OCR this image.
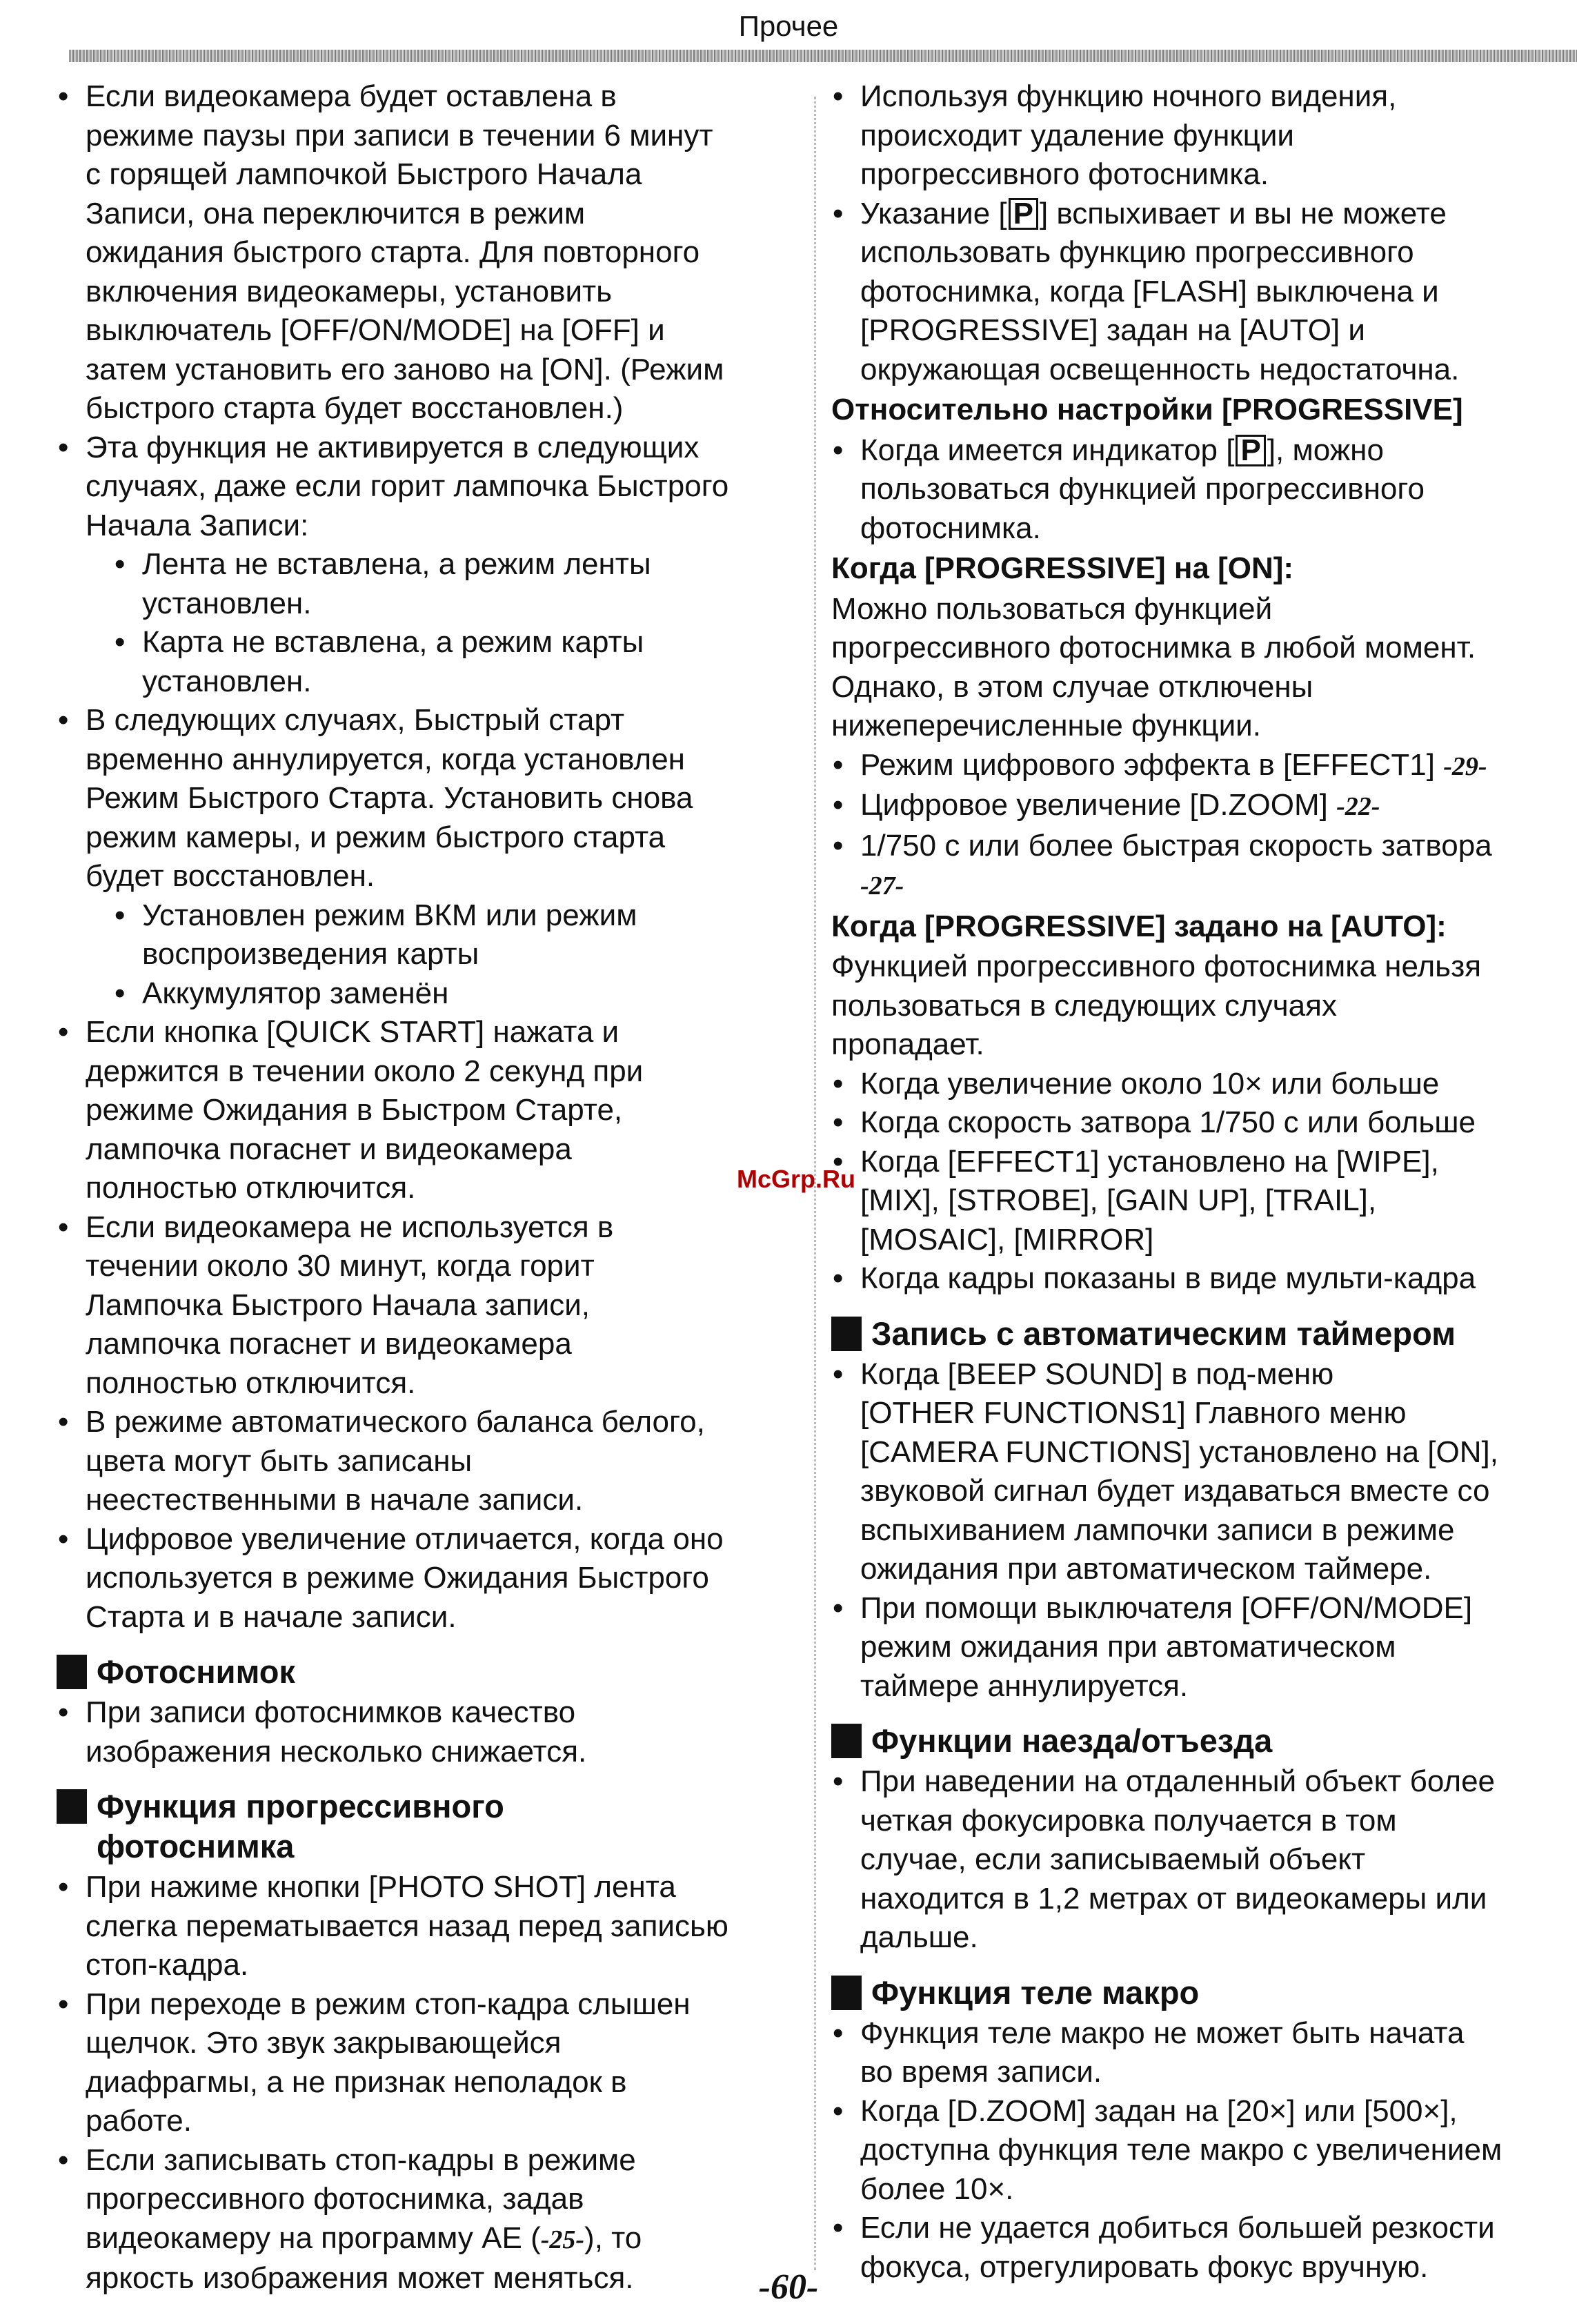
Прочее
• Если видеокамера будет оставлена в
режиме паузы при записи в течении 6 минут
с горящей лампочкой Быстрого Начала
Записи, она переключится в режим
ожидания быстрого старта. Для повторного
включения видеокамеры, установить
выключатель [OFF/ON/MODE] на [OFF] и
затем установить его заново на [ON]. (Режим
быстрого старта будет восстановлен.)
• Эта функция не активируется в следующих
случаях, даже если горит лампочка Быстрого
Начала Записи:
• Лента не вставлена, а режим ленты
установлен.
• Карта не вставлена, а режим карты
установлен.
• В следующих случаях, Быстрый старт
временно аннулируется, когда установлен
Режим Быстрого Старта. Установить снова
режим камеры, и режим быстрого старта
будет восстановлен.
• Установлен режим ВКМ или режим
воспроизведения карты
• Аккумулятор заменён
• Если кнопка [QUICK START] нажата и
держится в течении около 2 секунд при
режиме Ожидания в Быстром Старте,
лампочка погаснет и видеокамера
полностью отключится.
• Если видеокамера не используется в
течении около 30 минут, когда горит
Лампочка Быстрого Начала записи,
лампочка погаснет и видеокамера
полностью отключится.
• В режиме автоматического баланса белого,
цвета могут быть записаны
неестественными в начале записи.
• Цифровое увеличение отличается, когда оно
используется в режиме Ожидания Быстрого
Старта и в начале записи.
Фотоснимок
• При записи фотоснимков качество
изображения несколько снижается.
Функция прогрессивного
фотоснимка
• При нажиме кнопки [PHOTO SHOT] лента
слегка перематывается назад перед записью
стоп-кадра.
• При переходе в режим стоп-кадра слышен
щелчок. Это звук закрывающейся
диафрагмы, а не признак неполадок в
работе.
• Если записывать стоп-кадры в режиме
прогрессивного фотоснимка, задав
видеокамеру на программу AE (-25-), то
яркость изображения может меняться.
• Используя функцию ночного видения,
происходит удаление функции
прогрессивного фотоснимка.
• Указание [ P ] вспыхивает и вы не можете
использовать функцию прогрессивного
фотоснимка, когда [FLASH] выключена и
[PROGRESSIVE] задан на [AUTO] и
окружающая освещенность недостаточна.
Относительно настройки [PROGRESSIVE]
• Когда имеется индикатор [ P ], можно
пользоваться функцией прогрессивного
фотоснимка.
Когда [PROGRESSIVE] на [ON]:
Можно пользоваться функцией
прогрессивного фотоснимка в любой момент.
Однако, в этом случае отключены
нижеперечисленные функции.
• Режим цифрового эффекта в [EFFECT1] -29-
• Цифровое увеличение [D.ZOOM] -22-
• 1/750 с или более быстрая скорость затвора
-27-
Когда [PROGRESSIVE] задано на [AUTO]:
Функцией прогрессивного фотоснимка нельзя
пользоваться в следующих случаях
пропадает.
• Когда увеличение около 10× или больше
• Когда скорость затвора 1/750 с или больше
• Когда [EFFECT1] установлено на [WIPE],
[MIX], [STROBE], [GAIN UP], [TRAIL],
[MOSAIC], [MIRROR]
• Когда кадры показаны в виде мульти-кадра
Запись с автоматическим таймером
• Когда [BEEP SOUND] в под-меню
[OTHER FUNCTIONS1] Главного меню
[CAMERA FUNCTIONS] установлено на [ON],
звуковой сигнал будет издаваться вместе со
вспыхиванием лампочки записи в режиме
ожидания при автоматическом таймере.
• При помощи выключателя [OFF/ON/MODE]
режим ожидания при автоматическом
таймере аннулируется.
Функции наезда/отъезда
• При наведении на отдаленный объект более
четкая фокусировка получается в том
случае, если записываемый объект
находится в 1,2 метрах от видеокамеры или
дальше.
Функция теле макро
• Функция теле макро не может быть начата
во время записи.
• Когда [D.ZOOM] задан на [20×] или [500×],
доступна функция теле макро с увеличением
более 10×.
• Если не удается добиться большей резкости
фокуса, отрегулировать фокус вручную.
McGrp.Ru
-60-
